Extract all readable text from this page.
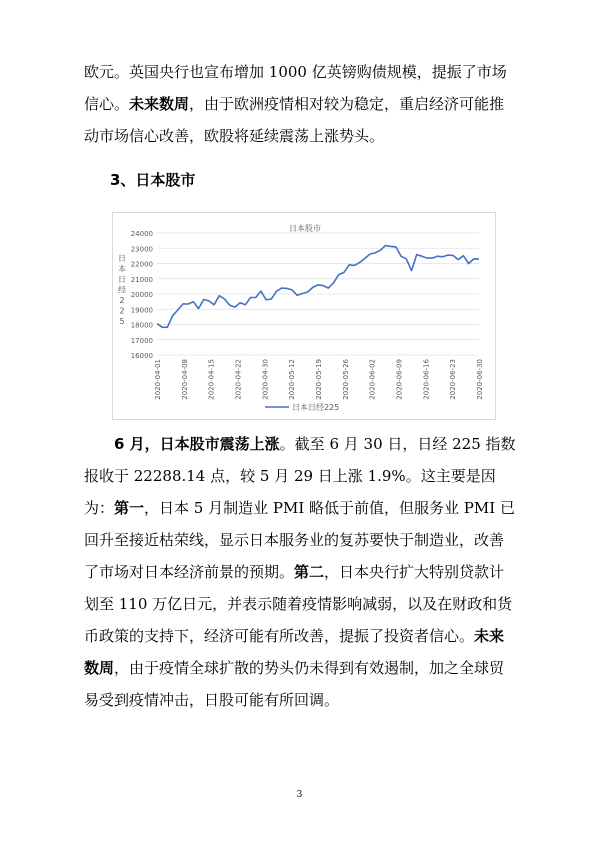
欧元。英国央行也宣布增加 1000 亿英镑购债规模，提振了市场信心。未来数周，由于欧洲疫情相对较为稳定，重启经济可能推动市场信心改善，欧股将延续震荡上涨势头。

3、日本股市
日本股市
日
本
日
经
2
2
5
16000
17000
18000
19000
20000
21000
22000
23000
24000
2020-04-01	2020-04-08	2020-04-15	2020-04-22	2020-04-30	2020-05-12	2020-05-19	2020-05-26	2020-06-02	2020-06-09	2020-06-16	2020-06-23	2020-06-30
日本日经225

6 月，日本股市震荡上涨。截至 6 月 30 日，日经 225 指数报收于 22288.14 点，较 5 月 29 日上涨 1.9%。这主要是因为：第一，日本 5 月制造业 PMI 略低于前值，但服务业 PMI 已回升至接近枯荣线，显示日本服务业的复苏要快于制造业，改善了市场对日本经济前景的预期。第二，日本央行扩大特别贷款计划至 110 万亿日元，并表示随着疫情影响减弱，以及在财政和货币政策的支持下，经济可能有所改善，提振了投资者信心。未来数周，由于疫情全球扩散的势头仍未得到有效遏制，加之全球贸易受到疫情冲击，日股可能有所回调。

3
